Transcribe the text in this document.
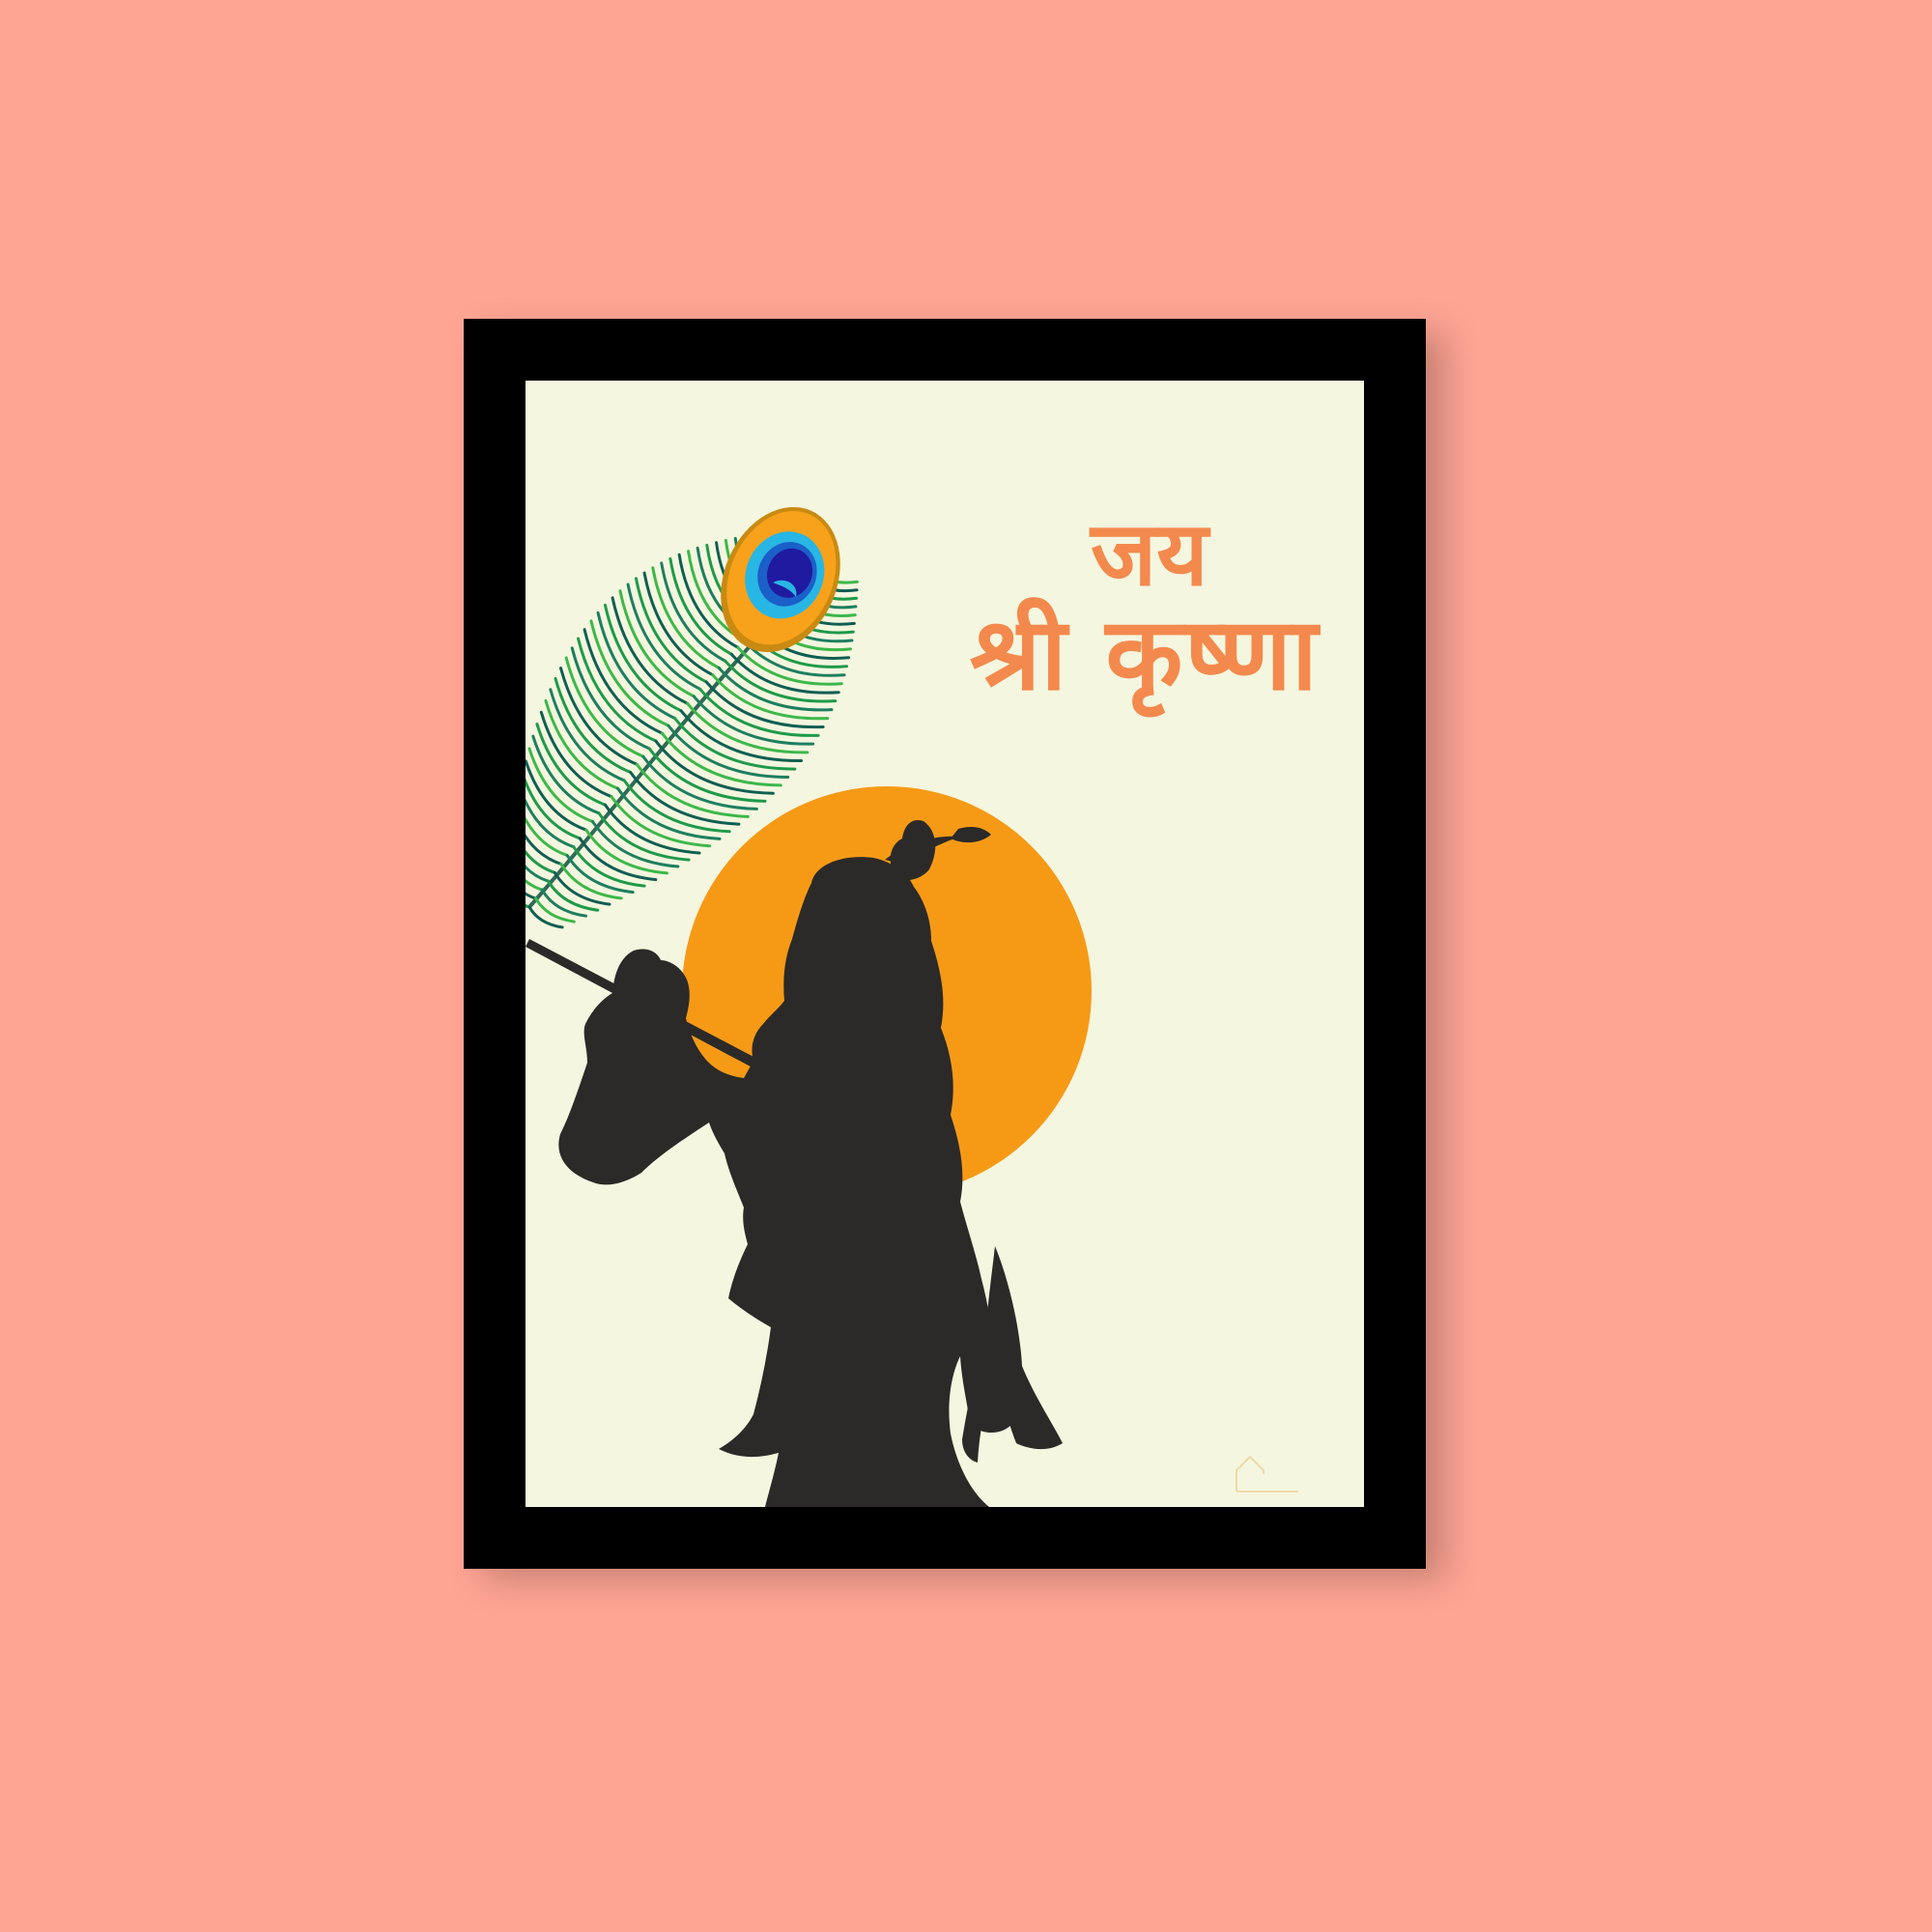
जय
श्री कृष्णा
